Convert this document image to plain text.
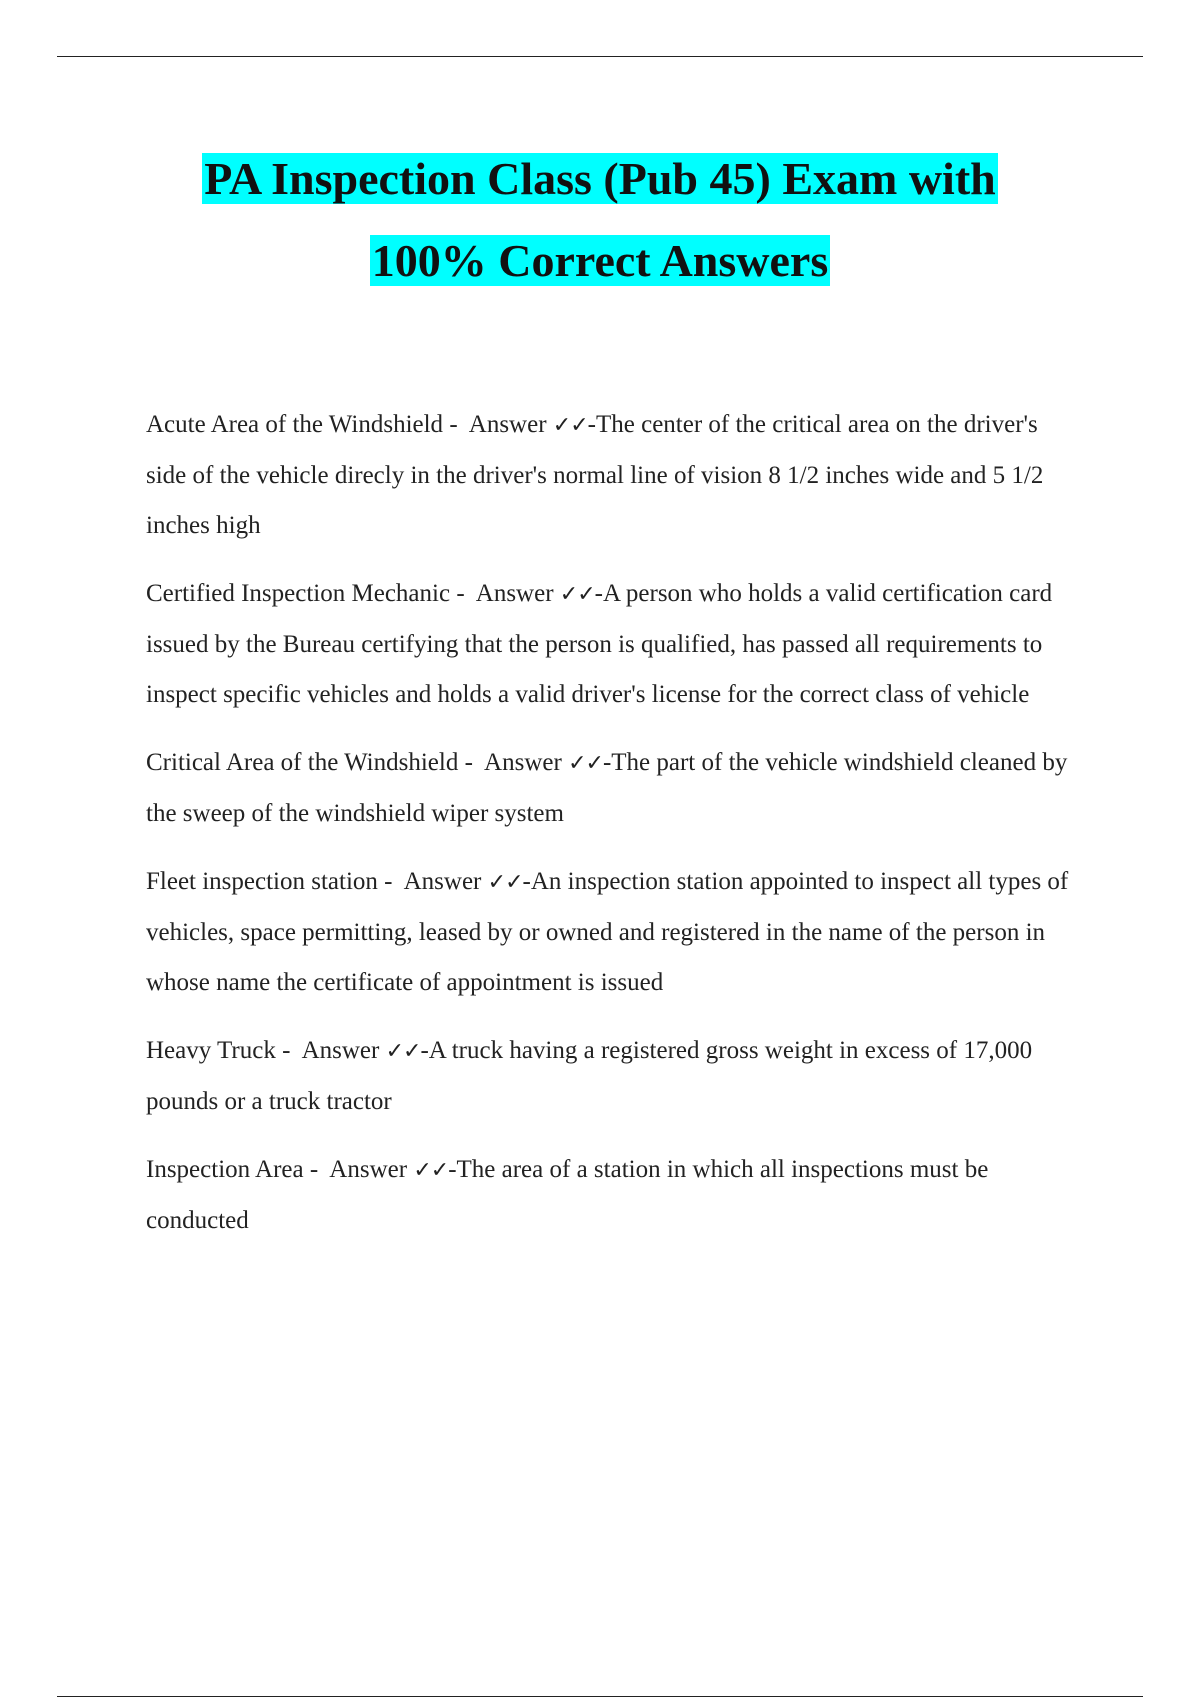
PA Inspection Class (Pub 45) Exam with
100% Correct Answers

Acute Area of the Windshield -  Answer ✓✓-The center of the critical area on the driver's side of the vehicle direcly in the driver's normal line of vision 8 1/2 inches wide and 5 1/2 inches high

Certified Inspection Mechanic -  Answer ✓✓-A person who holds a valid certification card issued by the Bureau certifying that the person is qualified, has passed all requirements to inspect specific vehicles and holds a valid driver's license for the correct class of vehicle

Critical Area of the Windshield -  Answer ✓✓-The part of the vehicle windshield cleaned by the sweep of the windshield wiper system

Fleet inspection station -  Answer ✓✓-An inspection station appointed to inspect all types of vehicles, space permitting, leased by or owned and registered in the name of the person in whose name the certificate of appointment is issued

Heavy Truck -  Answer ✓✓-A truck having a registered gross weight in excess of 17,000 pounds or a truck tractor

Inspection Area -  Answer ✓✓-The area of a station in which all inspections must be conducted
